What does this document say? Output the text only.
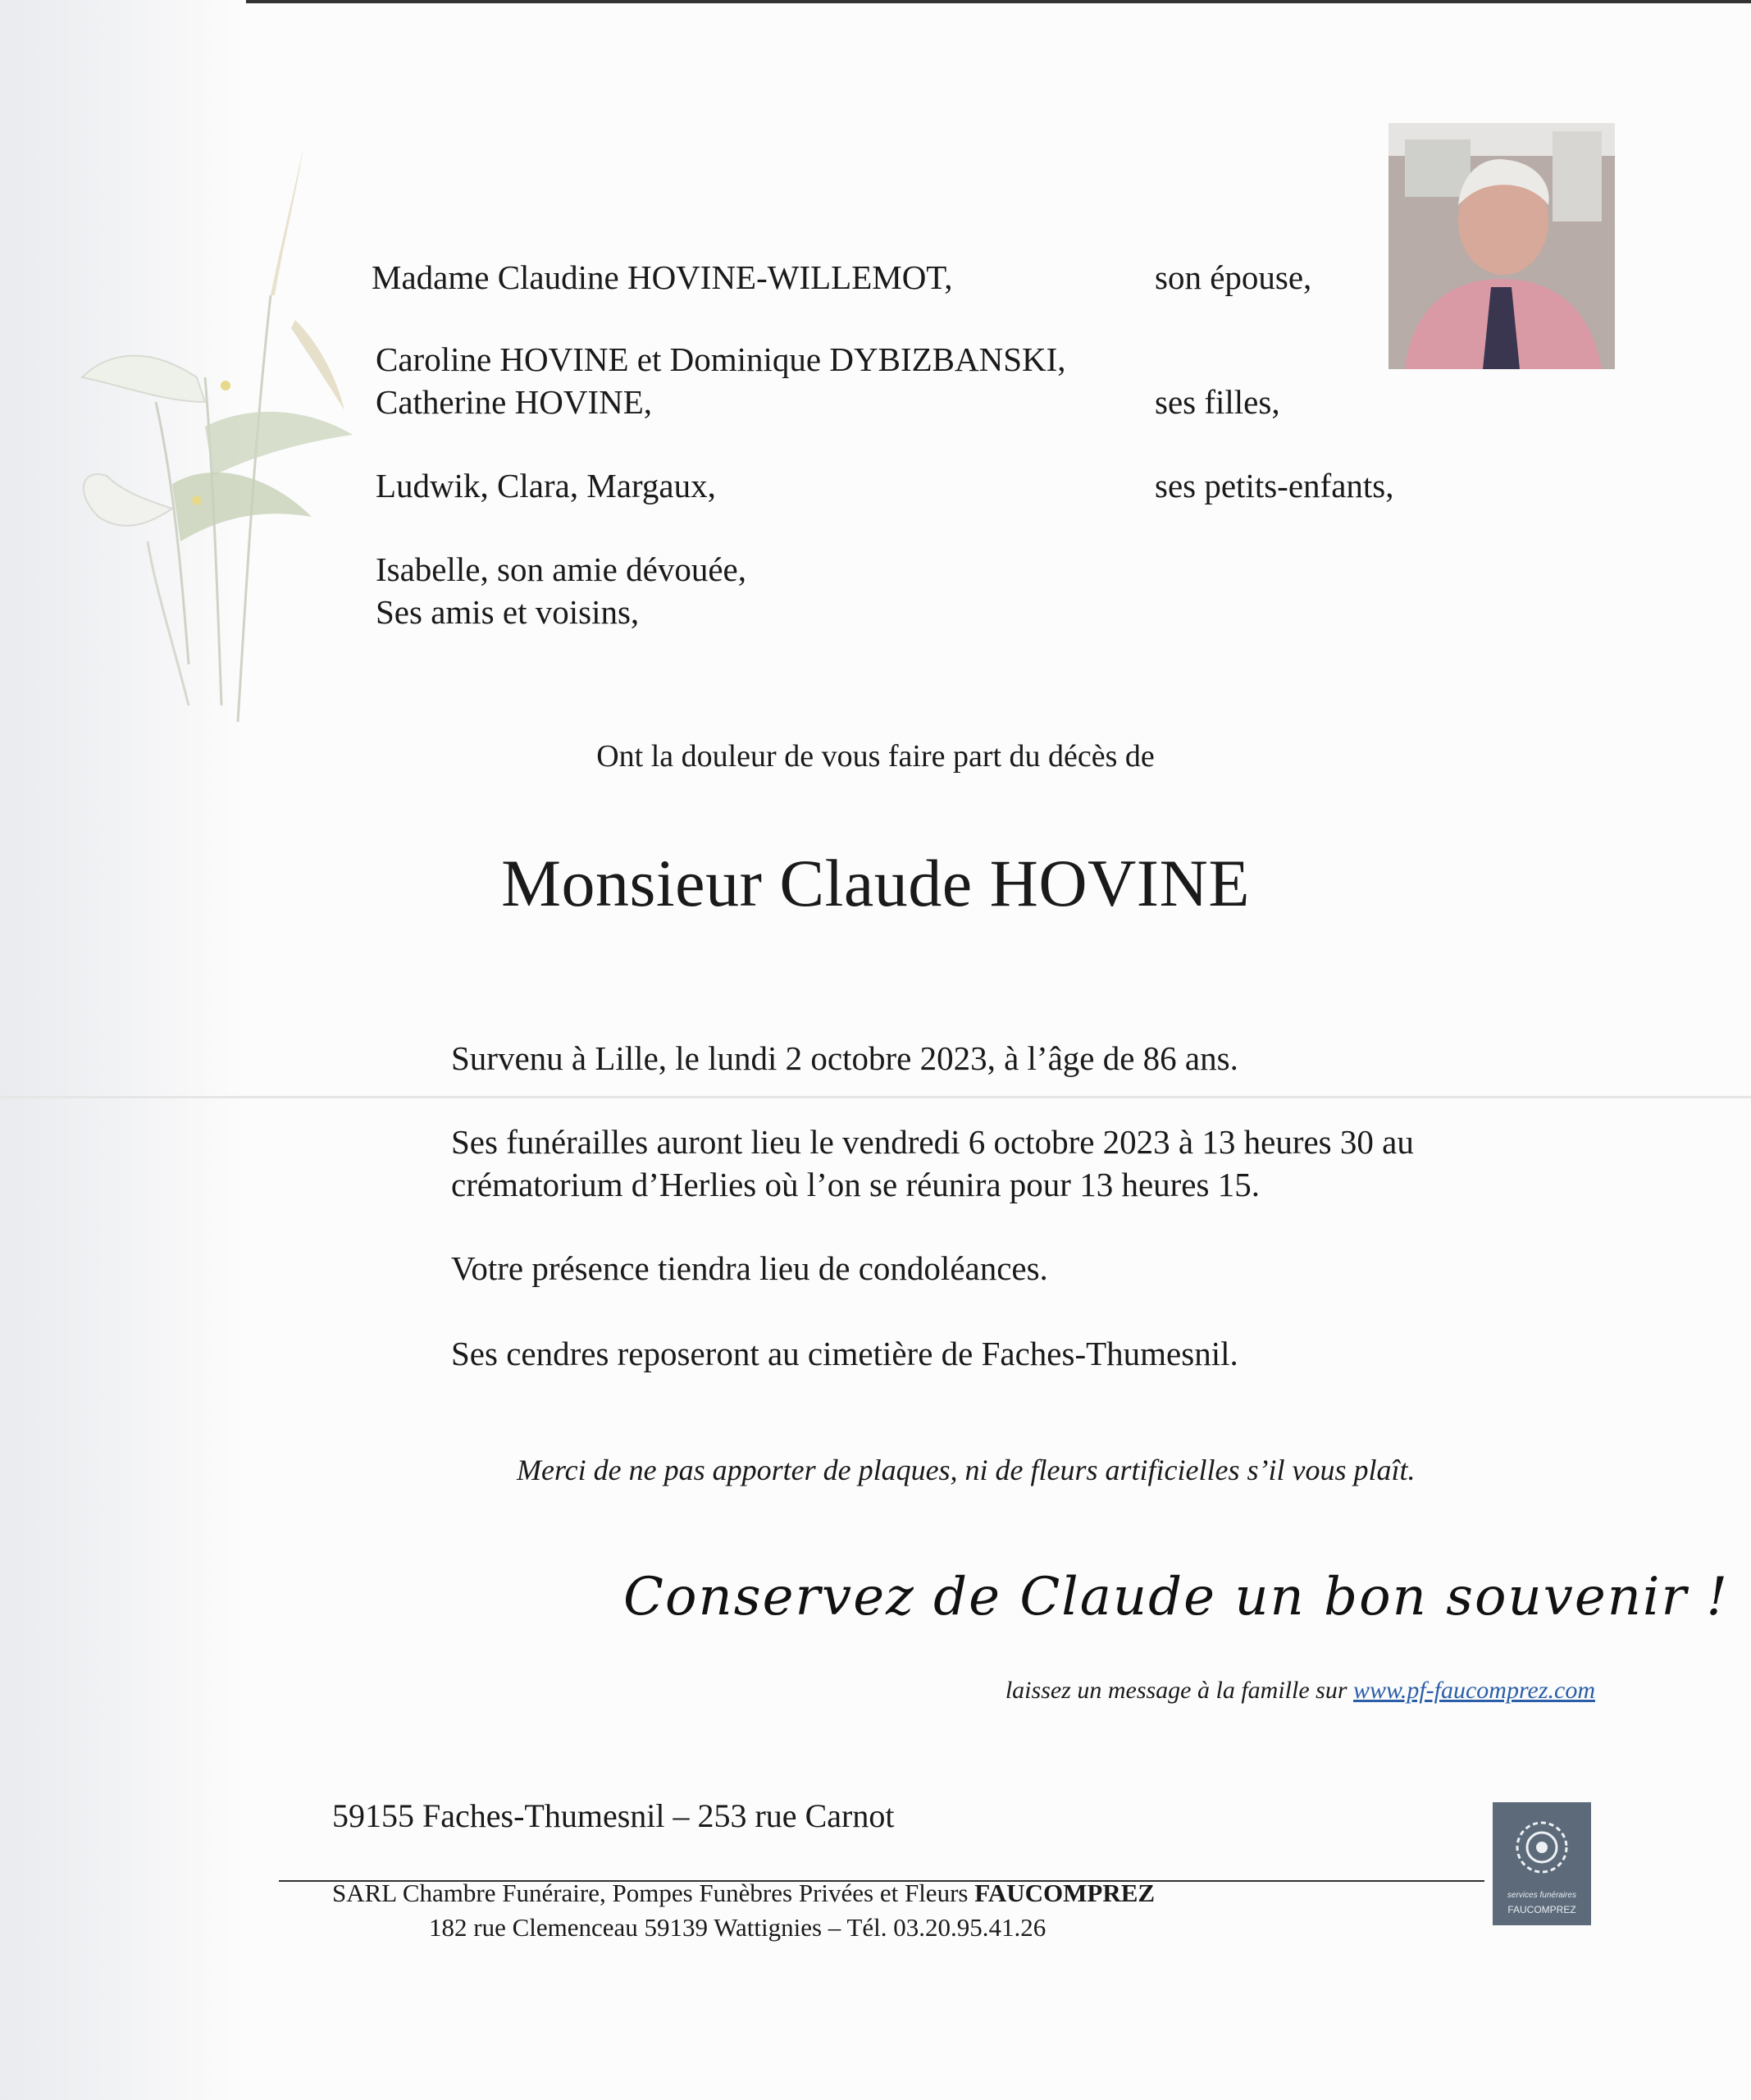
Madame Claudine HOVINE-WILLEMOT,	son épouse,
Caroline HOVINE et Dominique DYBIZBANSKI,
Catherine HOVINE,	ses filles,
Ludwik, Clara, Margaux,	ses petits-enfants,
Isabelle, son amie dévouée,
Ses amis et voisins,
Ont la douleur de vous faire part du décès de
Monsieur Claude HOVINE
Survenu à Lille, le lundi 2 octobre 2023, à l’âge de 86 ans.
Ses funérailles auront lieu le vendredi 6 octobre 2023 à 13 heures 30 au
crématorium d’Herlies où l’on se réunira pour 13 heures 15.
Votre présence tiendra lieu de condoléances.
Ses cendres reposeront au cimetière de Faches-Thumesnil.
Merci de ne pas apporter de plaques, ni de fleurs artificielles s’il vous plaît.
Conservez de Claude un bon souvenir !
laissez un message à la famille sur www.pf-faucomprez.com
59155 Faches-Thumesnil – 253 rue Carnot
SARL Chambre Funéraire, Pompes Funèbres Privées et Fleurs FAUCOMPREZ
182 rue Clemenceau 59139 Wattignies – Tél. 03.20.95.41.26
services funéraires
FAUCOMPREZ
